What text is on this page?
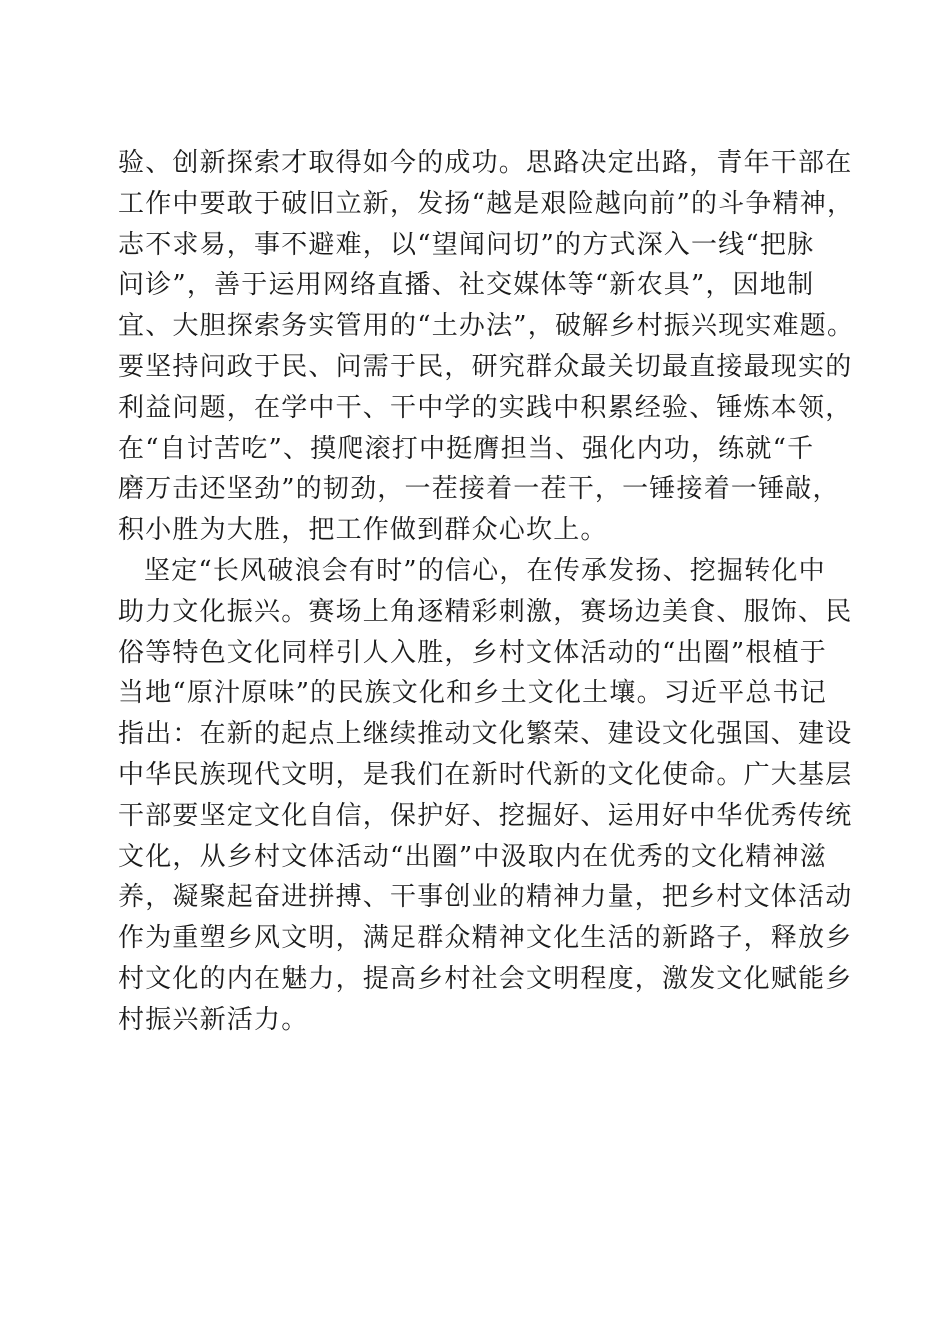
验、创新探索才取得如今的成功。思路决定出路，青年干部在
工作中要敢于破旧立新，发扬“越是艰险越向前”的斗争精神，
志不求易，事不避难，以“望闻问切”的方式深入一线“把脉
问诊”，善于运用网络直播、社交媒体等“新农具”，因地制
宜、大胆探索务实管用的“土办法”，破解乡村振兴现实难题。
要坚持问政于民、问需于民，研究群众最关切最直接最现实的
利益问题，在学中干、干中学的实践中积累经验、锤炼本领，
在“自讨苦吃”、摸爬滚打中挺膺担当、强化内功，练就“千
磨万击还坚劲”的韧劲，一茬接着一茬干，一锤接着一锤敲，
积小胜为大胜，把工作做到群众心坎上。
坚定“长风破浪会有时”的信心，在传承发扬、挖掘转化中
助力文化振兴。赛场上角逐精彩刺激，赛场边美食、服饰、民
俗等特色文化同样引人入胜，乡村文体活动的“出圈”根植于
当地“原汁原味”的民族文化和乡土文化土壤。习近平总书记
指出：在新的起点上继续推动文化繁荣、建设文化强国、建设
中华民族现代文明，是我们在新时代新的文化使命。广大基层
干部要坚定文化自信，保护好、挖掘好、运用好中华优秀传统
文化，从乡村文体活动“出圈”中汲取内在优秀的文化精神滋
养，凝聚起奋进拼搏、干事创业的精神力量，把乡村文体活动
作为重塑乡风文明，满足群众精神文化生活的新路子，释放乡
村文化的内在魅力，提高乡村社会文明程度，激发文化赋能乡
村振兴新活力。
